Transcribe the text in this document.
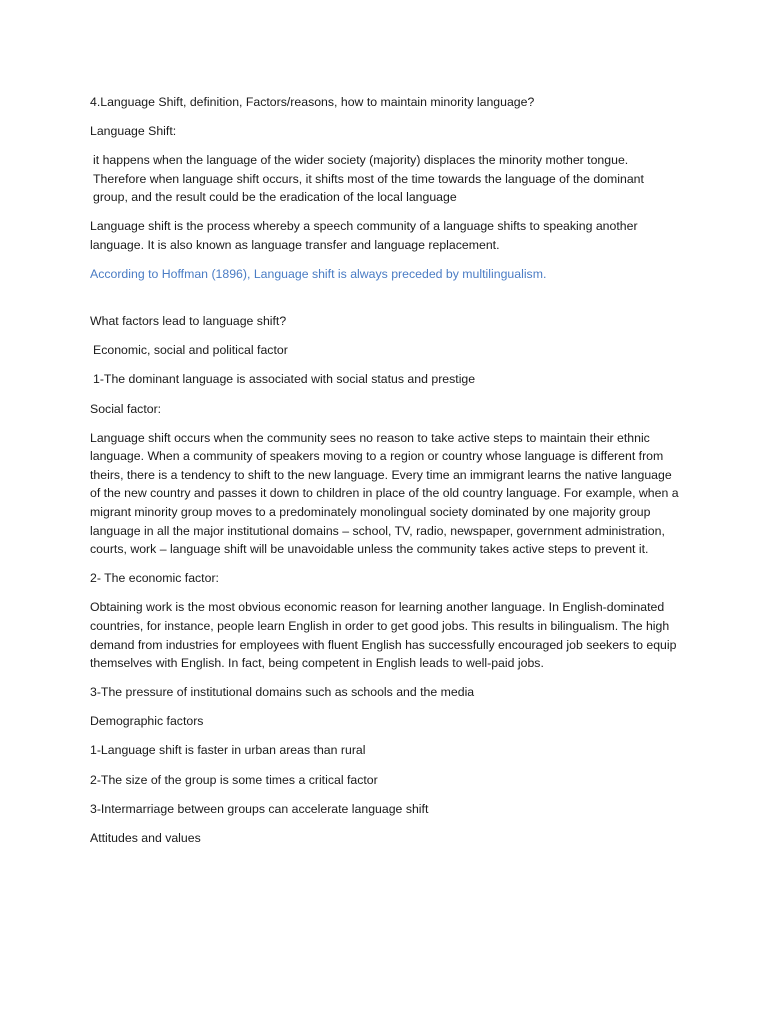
4.Language Shift, definition, Factors/reasons, how to maintain minority language?

Language Shift:

it happens when the language of the wider society (majority) displaces the minority mother tongue. Therefore when language shift occurs, it shifts most of the time towards the language of the dominant group, and the result could be the eradication of the local language

Language shift is the process whereby a speech community of a language shifts to speaking another language. It is also known as language transfer and language replacement.

According to Hoffman (1896), Language shift is always preceded by multilingualism.

What factors lead to language shift?

Economic, social and political factor

1-The dominant language is associated with social status and prestige

Social factor:

Language shift occurs when the community sees no reason to take active steps to maintain their ethnic language. When a community of speakers moving to a region or country whose language is different from theirs, there is a tendency to shift to the new language. Every time an immigrant learns the native language of the new country and passes it down to children in place of the old country language. For example, when a migrant minority group moves to a predominately monolingual society dominated by one majority group language in all the major institutional domains – school, TV, radio, newspaper, government administration, courts, work – language shift will be unavoidable unless the community takes active steps to prevent it.

2- The economic factor:

Obtaining work is the most obvious economic reason for learning another language. In English-dominated countries, for instance, people learn English in order to get good jobs. This results in bilingualism. The high demand from industries for employees with fluent English has successfully encouraged job seekers to equip themselves with English. In fact, being competent in English leads to well-paid jobs.

3-The pressure of institutional domains such as schools and the media

Demographic factors

1-Language shift is faster in urban areas than rural

2-The size of the group is some times a critical factor

3-Intermarriage between groups can accelerate language shift

Attitudes and values
